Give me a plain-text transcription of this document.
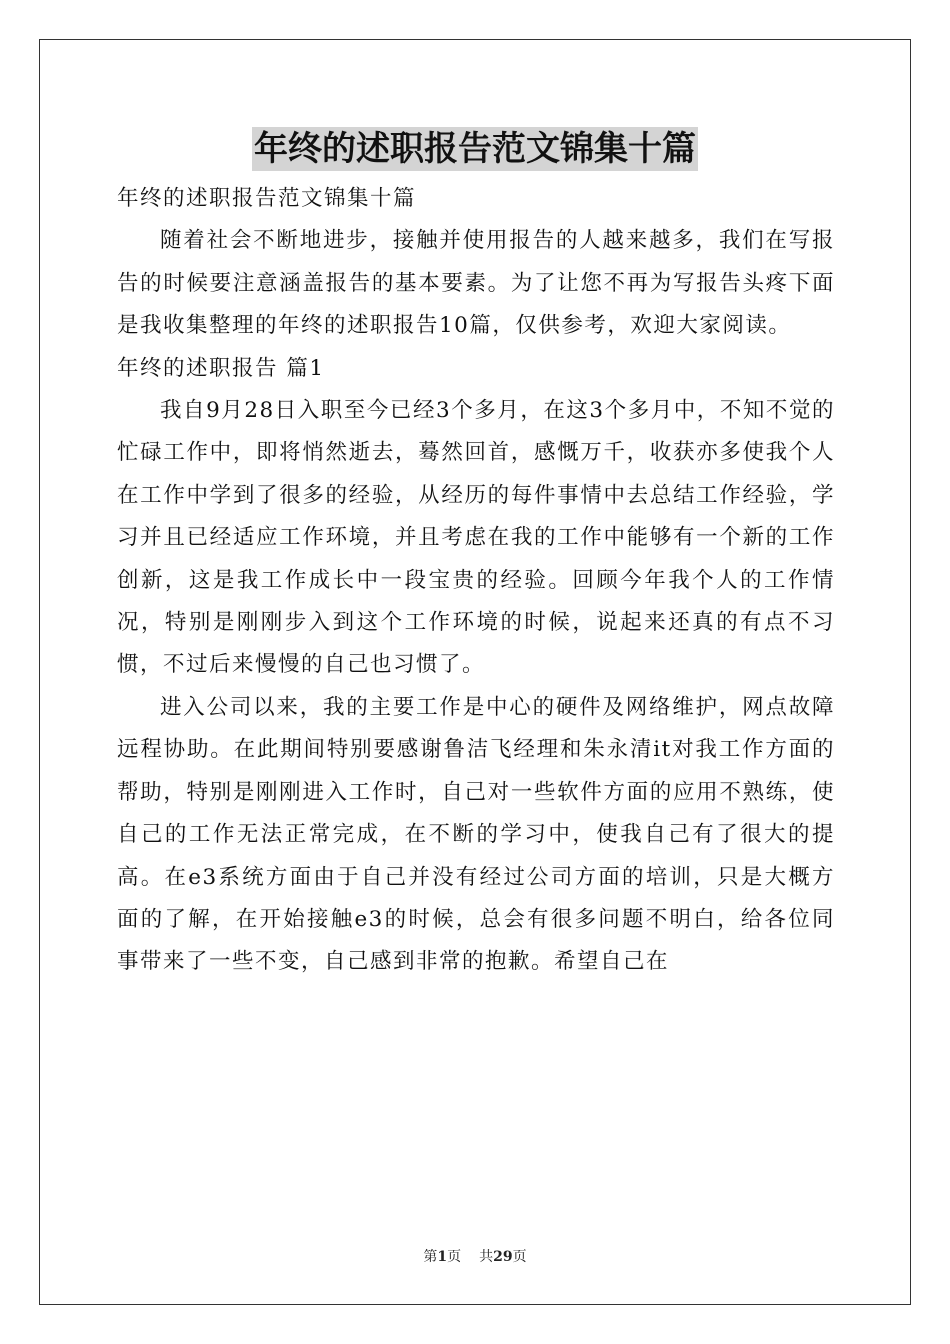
年终的述职报告范文锦集十篇

年终的述职报告范文锦集十篇

随着社会不断地进步，接触并使用报告的人越来越多，我们在写报告的时候要注意涵盖报告的基本要素。为了让您不再为写报告头疼下面是我收集整理的年终的述职报告10篇，仅供参考，欢迎大家阅读。

年终的述职报告 篇1

我自9月28日入职至今已经3个多月，在这3个多月中，不知不觉的忙碌工作中，即将悄然逝去，蓦然回首，感慨万千，收获亦多使我个人在工作中学到了很多的经验，从经历的每件事情中去总结工作经验，学习并且已经适应工作环境，并且考虑在我的工作中能够有一个新的工作创新，这是我工作成长中一段宝贵的经验。回顾今年我个人的工作情况，特别是刚刚步入到这个工作环境的时候，说起来还真的有点不习惯，不过后来慢慢的自己也习惯了。

进入公司以来，我的主要工作是中心的硬件及网络维护，网点故障远程协助。在此期间特别要感谢鲁洁飞经理和朱永清it对我工作方面的帮助，特别是刚刚进入工作时，自己对一些软件方面的应用不熟练，使自己的工作无法正常完成，在不断的学习中，使我自己有了很大的提高。在e3系统方面由于自己并没有经过公司方面的培训，只是大概方面的了解，在开始接触e3的时候，总会有很多问题不明白，给各位同事带来了一些不变，自己感到非常的抱歉。希望自己在

第1页 共29页
